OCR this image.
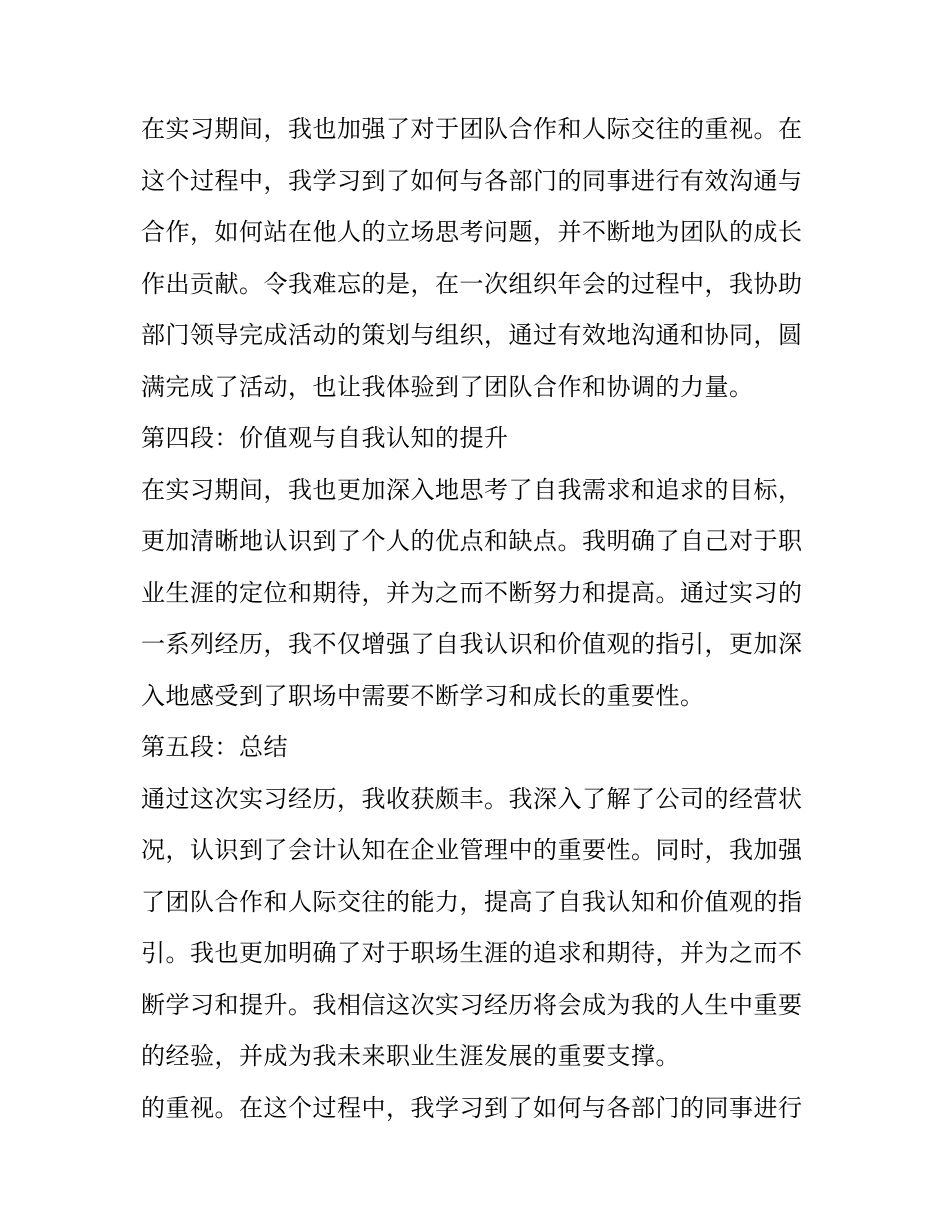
在实习期间，我也加强了对于团队合作和人际交往的重视。在
这个过程中，我学习到了如何与各部门的同事进行有效沟通与
合作，如何站在他人的立场思考问题，并不断地为团队的成长
作出贡献。令我难忘的是，在一次组织年会的过程中，我协助
部门领导完成活动的策划与组织，通过有效地沟通和协同，圆
满完成了活动，也让我体验到了团队合作和协调的力量。
第四段：价值观与自我认知的提升
在实习期间，我也更加深入地思考了自我需求和追求的目标，
更加清晰地认识到了个人的优点和缺点。我明确了自己对于职
业生涯的定位和期待，并为之而不断努力和提高。通过实习的
一系列经历，我不仅增强了自我认识和价值观的指引，更加深
入地感受到了职场中需要不断学习和成长的重要性。
第五段：总结
通过这次实习经历，我收获颇丰。我深入了解了公司的经营状
况，认识到了会计认知在企业管理中的重要性。同时，我加强
了团队合作和人际交往的能力，提高了自我认知和价值观的指
引。我也更加明确了对于职场生涯的追求和期待，并为之而不
断学习和提升。我相信这次实习经历将会成为我的人生中重要
的经验，并成为我未来职业生涯发展的重要支撑。
的重视。在这个过程中，我学习到了如何与各部门的同事进行
